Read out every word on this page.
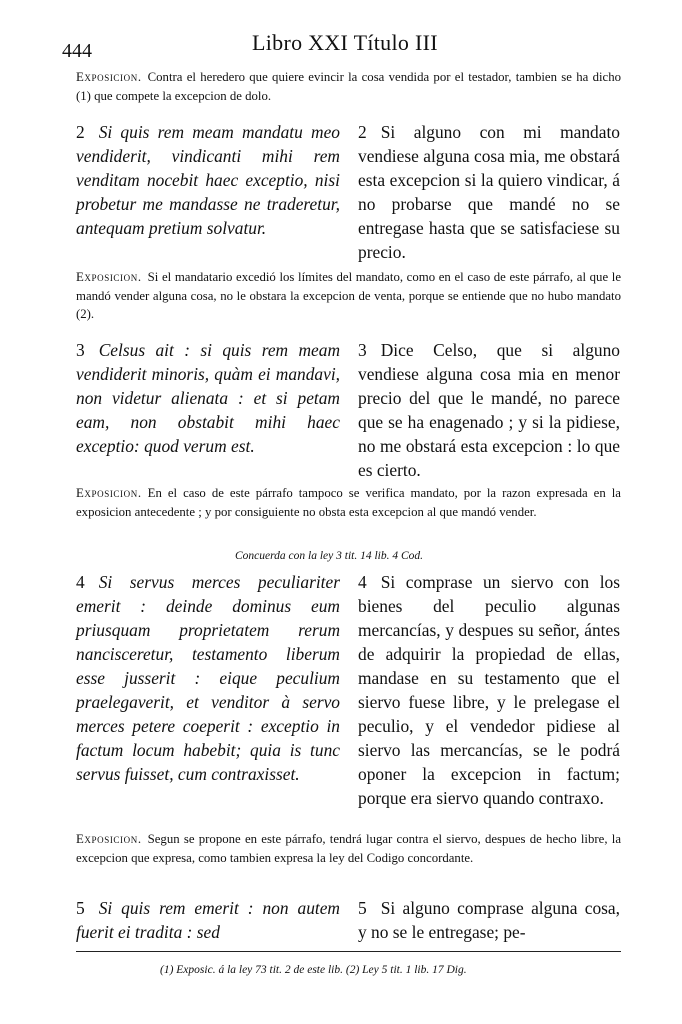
444	Libro XXI Título III
Exposicion. Contra el heredero que quiere evincir la cosa vendida por el testador, tambien se ha dicho (1) que compete la excepcion de dolo.
2 Si quis rem meam mandatu meo vendiderit, vindicanti mihi rem venditam nocebit haec exceptio, nisi probetur me mandasse ne traderetur, antequam pretium solvatur.
2 Si alguno con mi mandato vendiese alguna cosa mia, me obstará esta excepcion si la quiero vindicar, á no probarse que mandé no se entregase hasta que se satisfaciese su precio.
Exposicion. Si el mandatario excedió los límites del mandato, como en el caso de este párrafo, al que le mandó vender alguna cosa, no le obstara la excepcion de venta, porque se entiende que no hubo mandato (2).
3 Celsus ait : si quis rem meam vendiderit minoris, quàm ei mandavi, non videtur alienata : et si petam eam, non obstabit mihi haec exceptio: quod verum est.
3 Dice Celso, que si alguno vendiese alguna cosa mia en menor precio del que le mandé, no parece que se ha enagenado ; y si la pidiese, no me obstará esta excepcion : lo que es cierto.
Exposicion. En el caso de este párrafo tampoco se verifica mandato, por la razon expresada en la exposicion antecedente ; y por consiguiente no obsta esta excepcion al que mandó vender.
Concuerda con la ley 3 tit. 14 lib. 4 Cod.
4 Si servus merces peculiariter emerit : deinde dominus eum priusquam proprietatem rerum nancisceretur, testamento liberum esse jusserit : eique peculium praelegaverit, et venditor à servo merces petere coeperit : exceptio in factum locum habebit; quia is tunc servus fuisset, cum contraxisset.
4 Si comprase un siervo con los bienes del peculio algunas mercancías, y despues su señor, ántes de adquirir la propiedad de ellas, mandase en su testamento que el siervo fuese libre, y le prelegase el peculio, y el vendedor pidiese al siervo las mercancías, se le podrá oponer la excepcion in factum; porque era siervo quando contraxo.
Exposicion. Segun se propone en este párrafo, tendrá lugar contra el siervo, despues de hecho libre, la excepcion que expresa, como tambien expresa la ley del Codigo concordante.
5 Si quis rem emerit : non autem fuerit ei tradita : sed
5 Si alguno comprase alguna cosa, y no se le entregase; pe-
(1) Exposic. á la ley 73 tit. 2 de este lib. (2) Ley 5 tit. 1 lib. 17 Dig.
